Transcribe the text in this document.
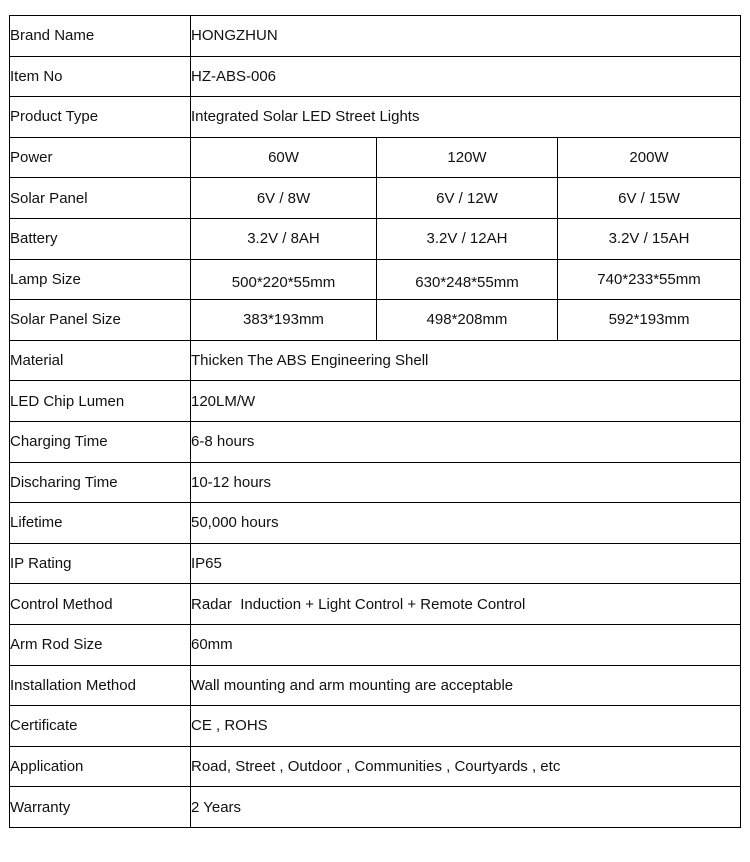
Brand Name	HONGZHUN		
Item No	HZ-ABS-006		
Product Type	Integrated Solar LED Street Lights		
Power	60W	120W	200W
Solar Panel	6V / 8W	6V / 12W	6V / 15W
Battery	3.2V / 8AH	3.2V / 12AH	3.2V / 15AH
Lamp Size	500*220*55mm	630*248*55mm	740*233*55mm
Solar Panel Size	383*193mm	498*208mm	592*193mm
Material	Thicken The ABS Engineering Shell		
LED Chip Lumen	120LM/W		
Charging Time	6-8 hours		
Discharing Time	10-12 hours		
Lifetime	50,000 hours		
IP Rating	IP65		
Control Method	Radar  Induction + Light Control + Remote Control		
Arm Rod Size	60mm		
Installation Method	Wall mounting and arm mounting are acceptable		
Certificate	CE , ROHS		
Application	Road, Street , Outdoor , Communities , Courtyards , etc		
Warranty	2 Years		
